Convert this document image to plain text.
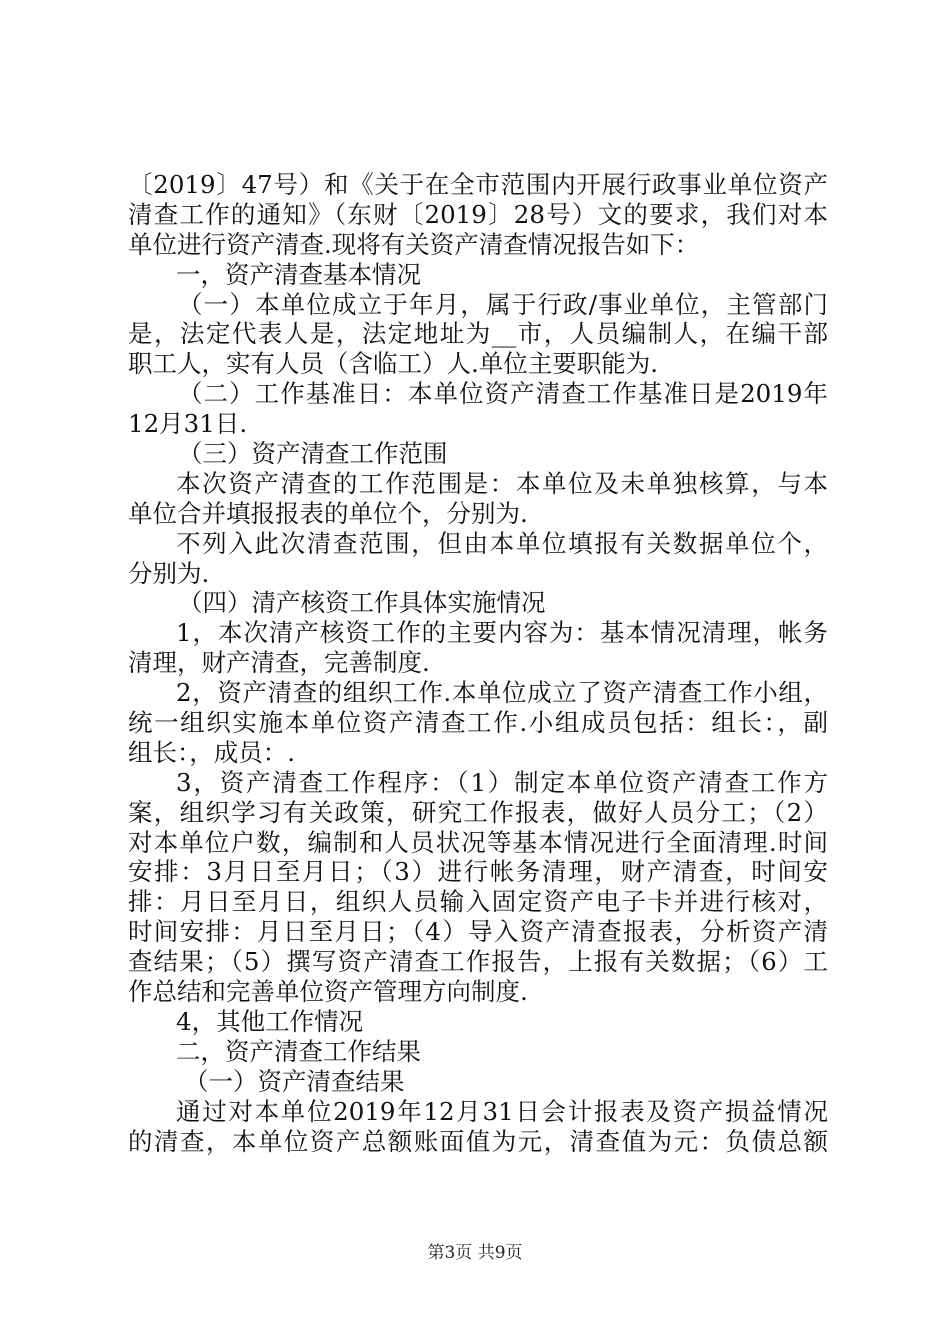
〔2019〕47号）和《关于在全市范围内开展行政事业单位资产
清查工作的通知》（东财〔2019〕28号）文的要求，我们对本
单位进行资产清查.现将有关资产清查情况报告如下：
一，资产清查基本情况
（一）本单位成立于年月，属于行政/事业单位，主管部门
是，法定代表人是，法定地址为__市，人员编制人，在编干部
职工人，实有人员（含临工）人.单位主要职能为.
（二）工作基准日：本单位资产清查工作基准日是2019年
12月31日.
（三）资产清查工作范围
本次资产清查的工作范围是：本单位及未单独核算，与本
单位合并填报报表的单位个，分别为.
不列入此次清查范围，但由本单位填报有关数据单位个，
分别为.
（四）清产核资工作具体实施情况
1，本次清产核资工作的主要内容为：基本情况清理，帐务
清理，财产清查，完善制度.
2，资产清查的组织工作.本单位成立了资产清查工作小组，
统一组织实施本单位资产清查工作.小组成员包括：组长：，副
组长：，成员：.
3，资产清查工作程序：（1）制定本单位资产清查工作方
案，组织学习有关政策，研究工作报表，做好人员分工；（2）
对本单位户数，编制和人员状况等基本情况进行全面清理.时间
安排：3月日至月日；（3）进行帐务清理，财产清查，时间安
排：月日至月日，组织人员输入固定资产电子卡并进行核对，
时间安排：月日至月日；（4）导入资产清查报表，分析资产清
查结果；（5）撰写资产清查工作报告，上报有关数据；（6）工
作总结和完善单位资产管理方向制度.
4，其他工作情况
二，资产清查工作结果
（一）资产清查结果
通过对本单位2019年12月31日会计报表及资产损益情况
的清查，本单位资产总额账面值为元，清查值为元：负债总额
第3页 共9页
